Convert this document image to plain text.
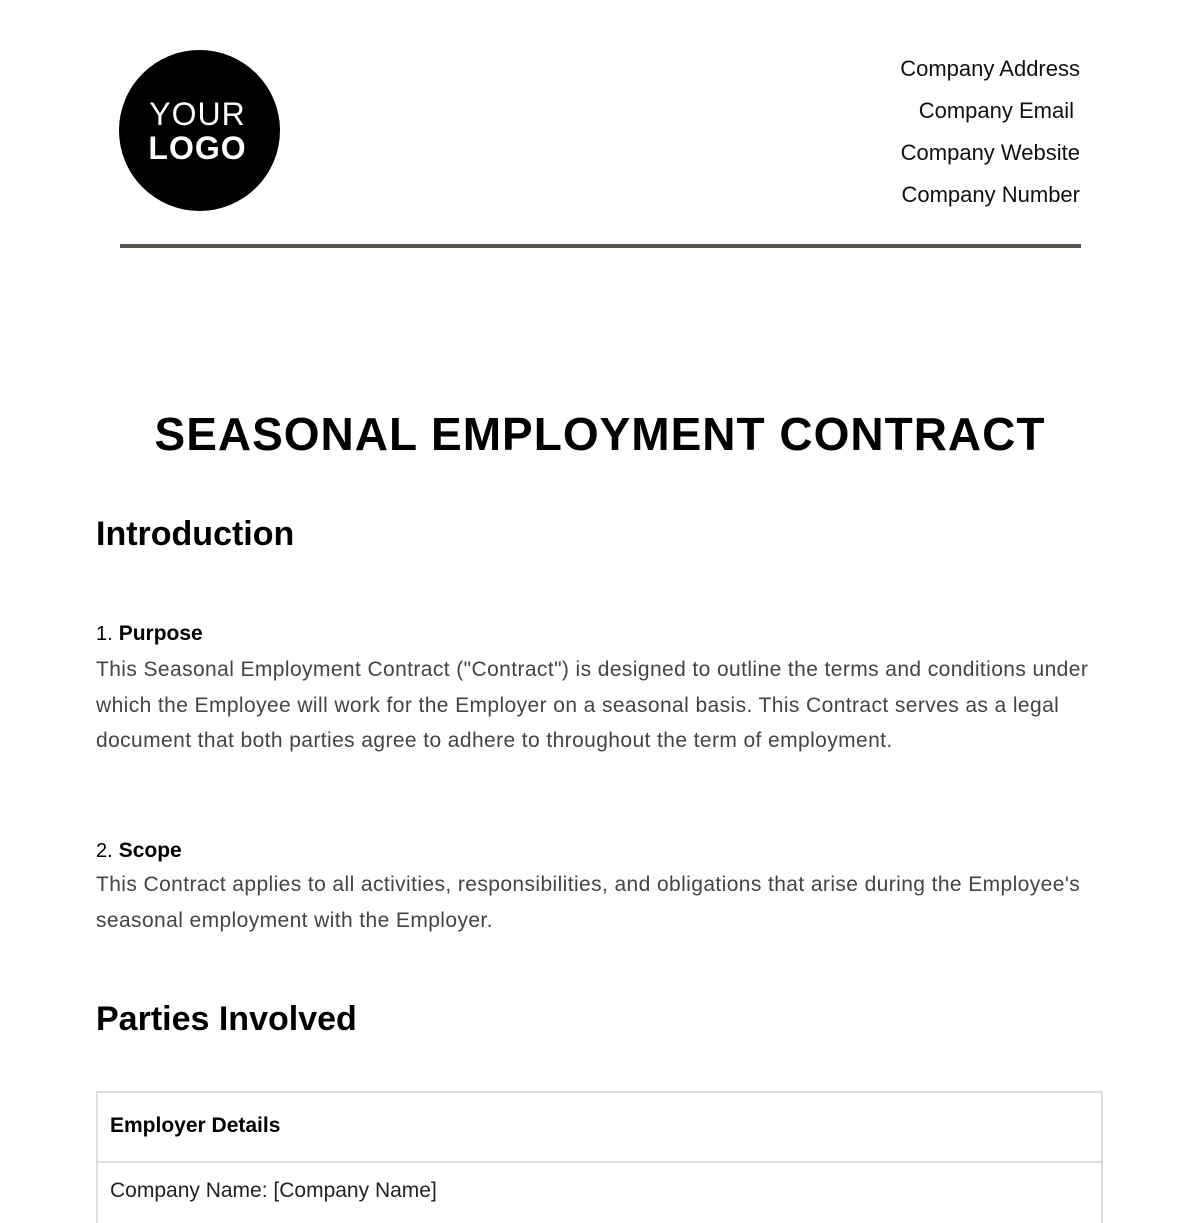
YOUR
LOGO
Company Address
Company Email
Company Website
Company Number
SEASONAL EMPLOYMENT CONTRACT
Introduction
1. Purpose

This Seasonal Employment Contract ("Contract") is designed to outline the terms and conditions under which the Employee will work for the Employer on a seasonal basis. This Contract serves as a legal document that both parties agree to adhere to throughout the term of employment.

2. Scope

This Contract applies to all activities, responsibilities, and obligations that arise during the Employee's seasonal employment with the Employer.

Parties Involved
Employer Details
Company Name: [Company Name]
